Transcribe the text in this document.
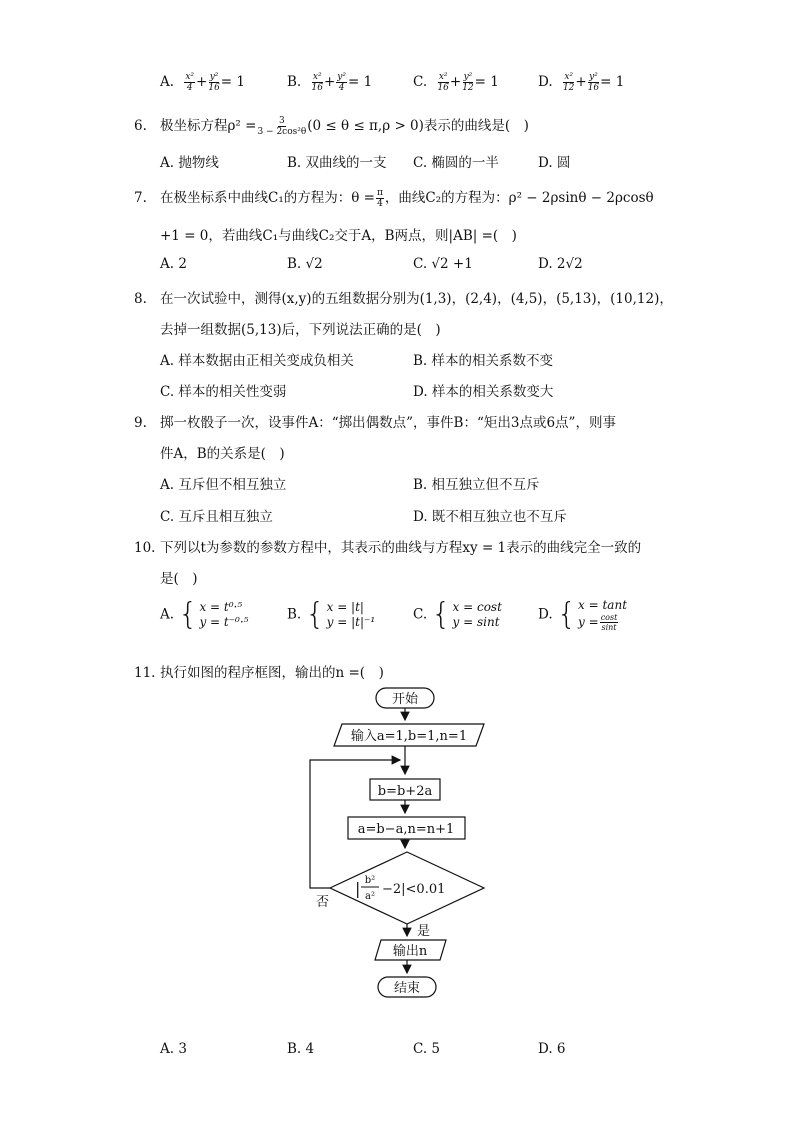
A. $\frac{\text{x²}}{4} + \frac{\text{y²}}{16} = 1$	B. $\frac{\text{x²}}{16} + \frac{\text{y²}}{4} = 1$	C. $\frac{\text{x²}}{16} + \frac{\text{y²}}{12} = 1$	D. $\frac{\text{x²}}{12} + \frac{\text{y²}}{16} = 1$
6. 极坐标方程$\rho^2 = \frac{3}{\text{3 − 2cos²θ}} (0 \le \theta \le \pi,\rho > 0)$表示的曲线是(　)
A. 抛物线	B. 双曲线的一支 C. 椭圆的一半	D. 圆
7. 在极坐标系中曲线C₁的方程为：$\theta = \frac{\pi}{4}$ ，曲线C₂的方程为：ρ² − 2ρsinθ − 2ρcosθ
+1 = 0，若曲线C₁与曲线C₂交于A，B两点，则|AB| =(　)
A. 2	B. √2	C. √2 +1	D. 2√2
8. 在一次试验中，测得(x,y)的五组数据分别为(1,3)，(2,4)，(4,5)，(5,13)，(10,12)，
去掉一组数据(5,13)后，下列说法正确的是(　)
A. 样本数据由正相关变成负相关	B. 样本的相关系数不变
C. 样本的相关性变弱	D. 样本的相关系数变大
9. 掷一枚骰子一次，设事件A：“掷出偶数点”，事件B：“矩出3点或6点”，则事
件A，B的关系是(　)
A. 互斥但不相互独立	B. 相互独立但不互斥
C. 互斥且相互独立	D. 既不相互独立也不互斥
10. 下列以t为参数的参数方程中，其表示的曲线与方程xy = 1表示的曲线完全一致的
是(　)
A. { x = t⁰·⁵
y = t⁻⁰·⁵	B. { x = |t|
y = |t|⁻¹	C. { x = cost
y = sint	D. { x = tant
$y = \frac{\cos t}{\sin t}$
11. 执行如图的程序框图，输出的n =(　)
开始
输入a=1,b=1,n=1
b=b+2a
a=b−a,n=n+1
| b²
a² −2|<0.01
否
是
输出n
结束
A. 3	B. 4	C. 5	D. 6
